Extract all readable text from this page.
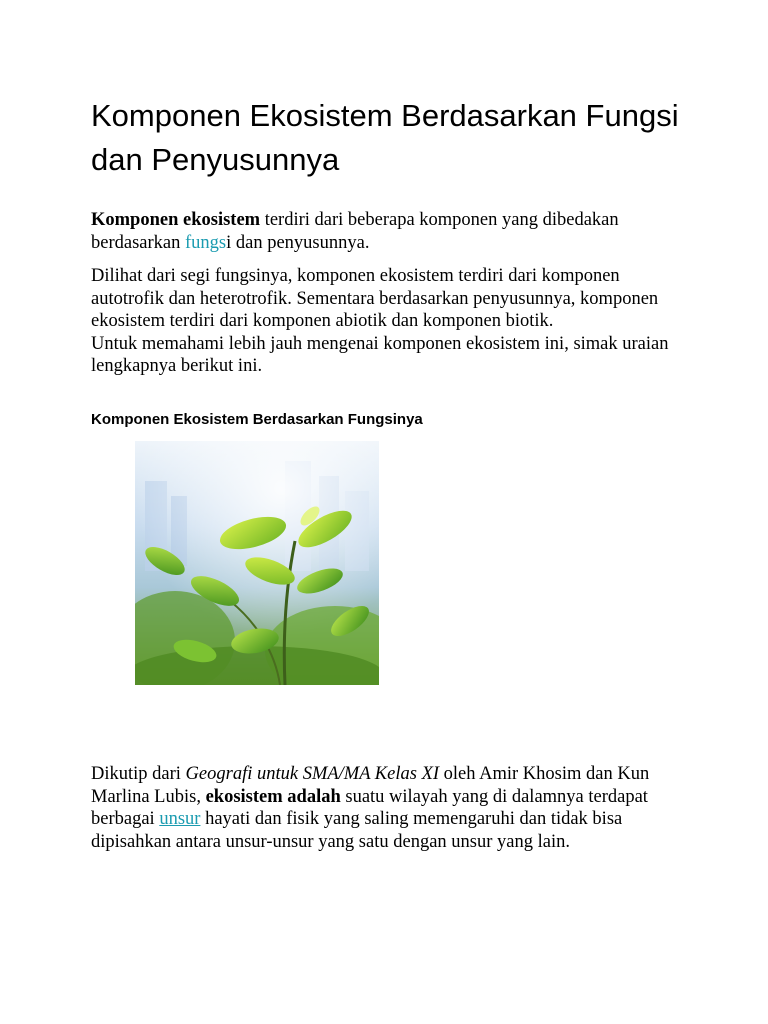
Komponen Ekosistem Berdasarkan Fungsi dan Penyusunnya

Komponen ekosistem terdiri dari beberapa komponen yang dibedakan berdasarkan fungsi dan penyusunnya.

Dilihat dari segi fungsinya, komponen ekosistem terdiri dari komponen autotrofik dan heterotrofik. Sementara berdasarkan penyusunnya, komponen ekosistem terdiri dari komponen abiotik dan komponen biotik.
Untuk memahami lebih jauh mengenai komponen ekosistem ini, simak uraian lengkapnya berikut ini.
Komponen Ekosistem Berdasarkan Fungsinya

Dikutip dari Geografi untuk SMA/MA Kelas XI oleh Amir Khosim dan Kun Marlina Lubis, ekosistem adalah suatu wilayah yang di dalamnya terdapat berbagai unsur hayati dan fisik yang saling memengaruhi dan tidak bisa dipisahkan antara unsur-unsur yang satu dengan unsur yang lain.
